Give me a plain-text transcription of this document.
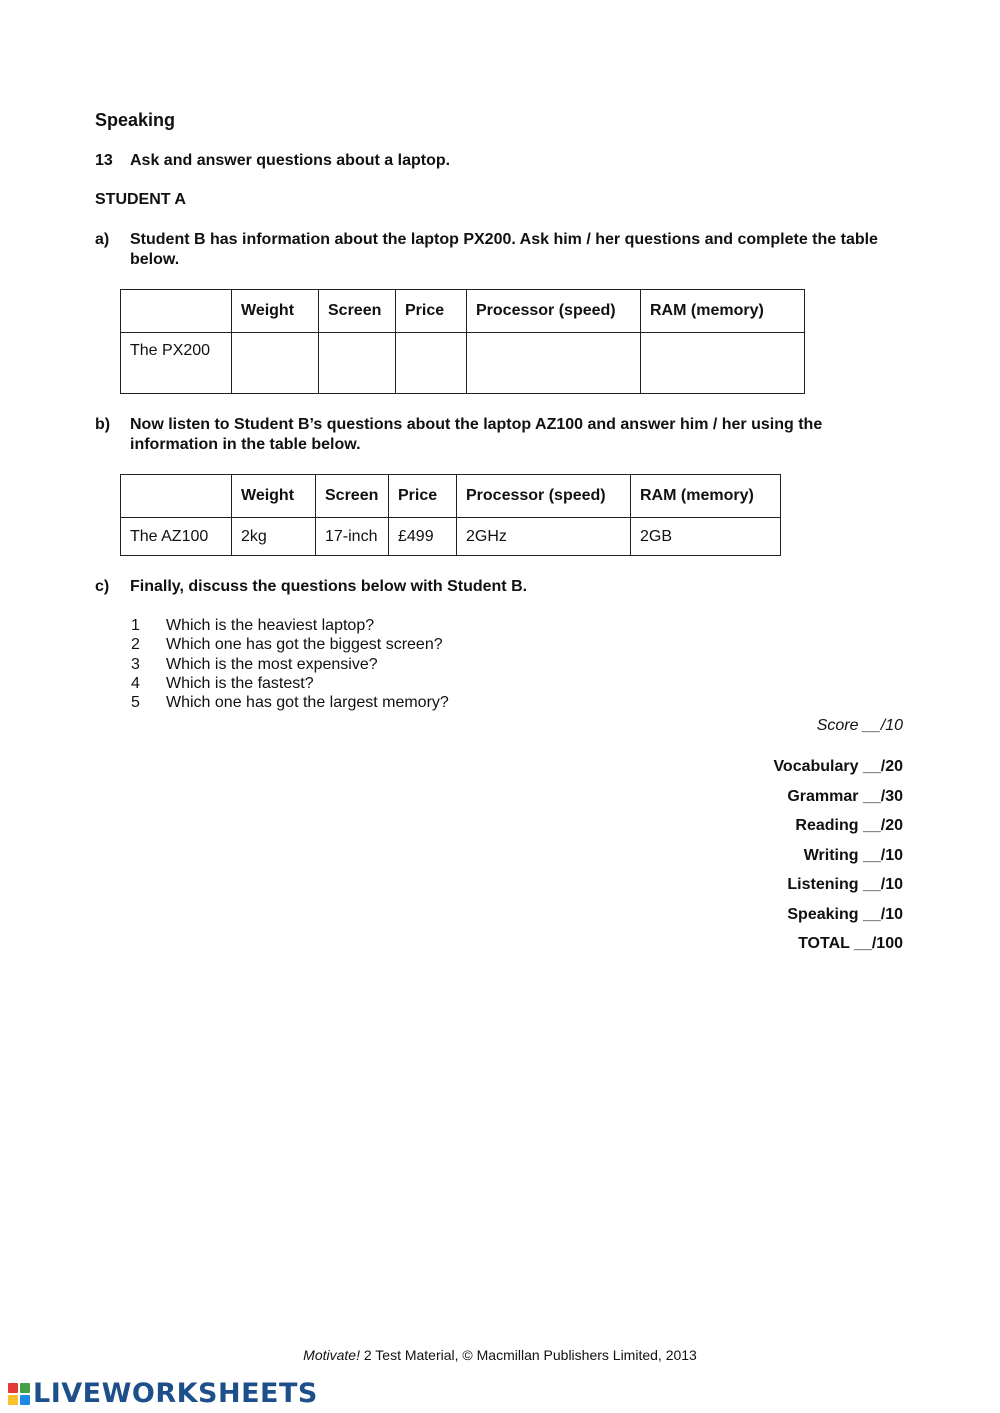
Speaking
13 Ask and answer questions about a laptop.
STUDENT A
a) Student B has information about the laptop PX200. Ask him / her questions and complete the table below.
	Weight	Screen	Price	Processor (speed)	RAM (memory)
The PX200					
b) Now listen to Student B’s questions about the laptop AZ100 and answer him / her using the information in the table below.
	Weight	Screen	Price	Processor (speed)	RAM (memory)
The AZ100	2kg	17-inch	£499	2GHz	2GB
c) Finally, discuss the questions below with Student B.
1 Which is the heaviest laptop?
2 Which one has got the biggest screen?
3 Which is the most expensive?
4 Which is the fastest?
5 Which one has got the largest memory?
Score __/10
Vocabulary __/20
Grammar __/30
Reading __/20
Writing __/10
Listening __/10
Speaking __/10
TOTAL __/100
Motivate! 2 Test Material, © Macmillan Publishers Limited, 2013
LIVEWORKSHEETS
